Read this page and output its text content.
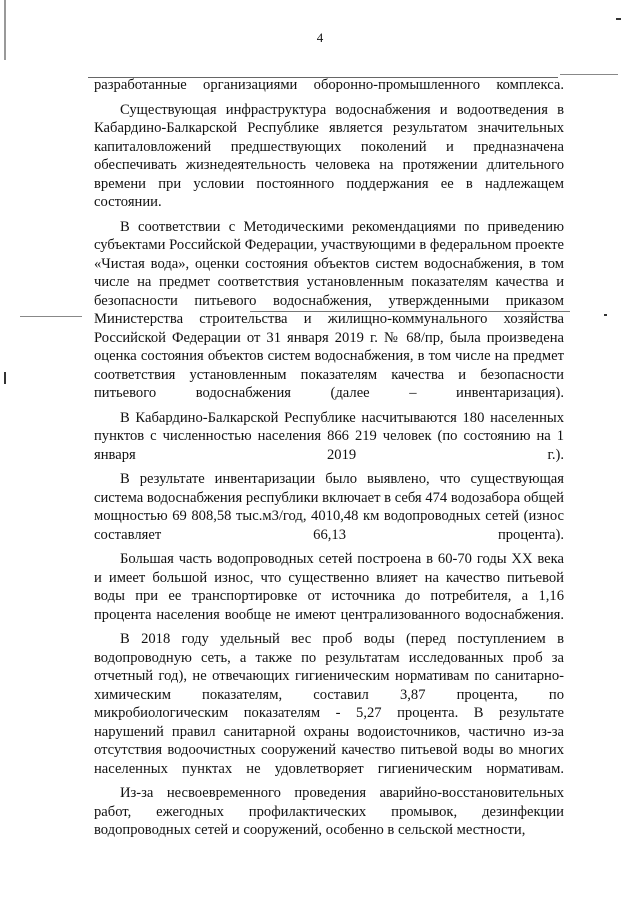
4

разработанные организациями оборонно-промышленного комплекса.

Существующая инфраструктура водоснабжения и водоотведения в Кабардино-Балкарской Республике является результатом значительных капиталовложений предшествующих поколений и предназначена обеспечивать жизнедеятельность человека на протяжении длительного времени при условии постоянного поддержания ее в надлежащем состоянии.

В соответствии с Методическими рекомендациями по приведению субъектами Российской Федерации, участвующими в федеральном проекте «Чистая вода», оценки состояния объектов систем водоснабжения, в том числе на предмет соответствия установленным показателям качества и безопасности питьевого водоснабжения, утвержденными приказом Министерства строительства и жилищно-коммунального хозяйства Российской Федерации от 31 января 2019 г. № 68/пр, была произведена оценка состояния объектов систем водоснабжения, в том числе на предмет соответствия установленным показателям качества и безопасности питьевого водоснабжения (далее – инвентаризация).

В Кабардино-Балкарской Республике насчитываются 180 населенных пунктов с численностью населения 866 219 человек (по состоянию на 1 января 2019 г.).

В результате инвентаризации было выявлено, что существующая система водоснабжения республики включает в себя 474 водозабора общей мощностью 69 808,58 тыс.м3/год, 4010,48 км водопроводных сетей (износ составляет 66,13 процента).

Большая часть водопроводных сетей построена в 60-70 годы XX века и имеет большой износ, что существенно влияет на качество питьевой воды при ее транспортировке от источника до потребителя, а 1,16 процента населения вообще не имеют централизованного водоснабжения.

В 2018 году удельный вес проб воды (перед поступлением в водопроводную сеть, а также по результатам исследованных проб за отчетный год), не отвечающих гигиеническим нормативам по санитарно-химическим показателям, составил 3,87 процента, по микробиологическим показателям - 5,27 процента. В результате нарушений правил санитарной охраны водоисточников, частично из-за отсутствия водоочистных сооружений качество питьевой воды во многих населенных пунктах не удовлетворяет гигиеническим нормативам.

Из-за несвоевременного проведения аварийно-восстановительных работ, ежегодных профилактических промывок, дезинфекции водопроводных сетей и сооружений, особенно в сельской местности,
